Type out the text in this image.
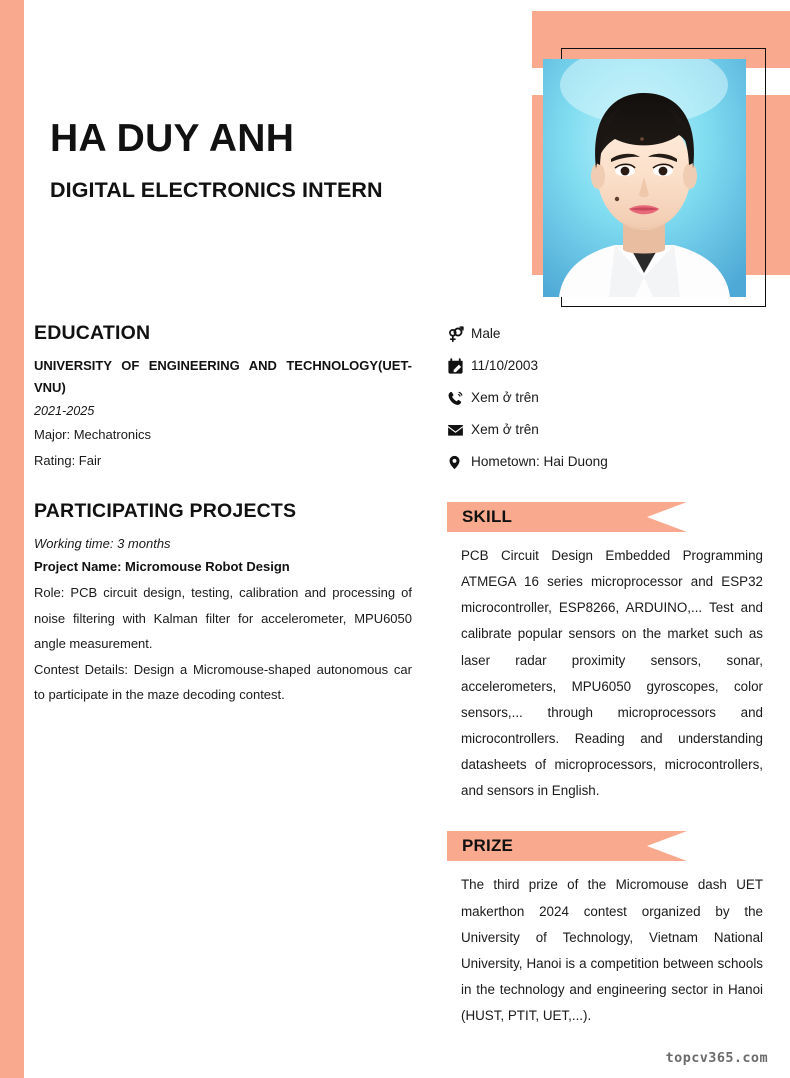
HA DUY ANH
DIGITAL ELECTRONICS INTERN
EDUCATION
UNIVERSITY OF ENGINEERING AND TECHNOLOGY(UET-VNU)
2021-2025
Major: Mechatronics
Rating: Fair
PARTICIPATING PROJECTS
Working time: 3 months
Project Name: Micromouse Robot Design
Role: PCB circuit design, testing, calibration and processing of noise filtering with Kalman filter for accelerometer, MPU6050 angle measurement.
Contest Details: Design a Micromouse-shaped autonomous car to participate in the maze decoding contest.
Male
11/10/2003
Xem ở trên
Xem ở trên
Hometown: Hai Duong
SKILL
PCB Circuit Design Embedded Programming ATMEGA 16 series microprocessor and ESP32 microcontroller, ESP8266, ARDUINO,... Test and calibrate popular sensors on the market such as laser radar proximity sensors, sonar, accelerometers, MPU6050 gyroscopes, color sensors,... through microprocessors and microcontrollers. Reading and understanding datasheets of microprocessors, microcontrollers, and sensors in English.
PRIZE
The third prize of the Micromouse dash UET makerthon 2024 contest organized by the University of Technology, Vietnam National University, Hanoi is a competition between schools in the technology and engineering sector in Hanoi (HUST, PTIT, UET,...).
topcv365.com
